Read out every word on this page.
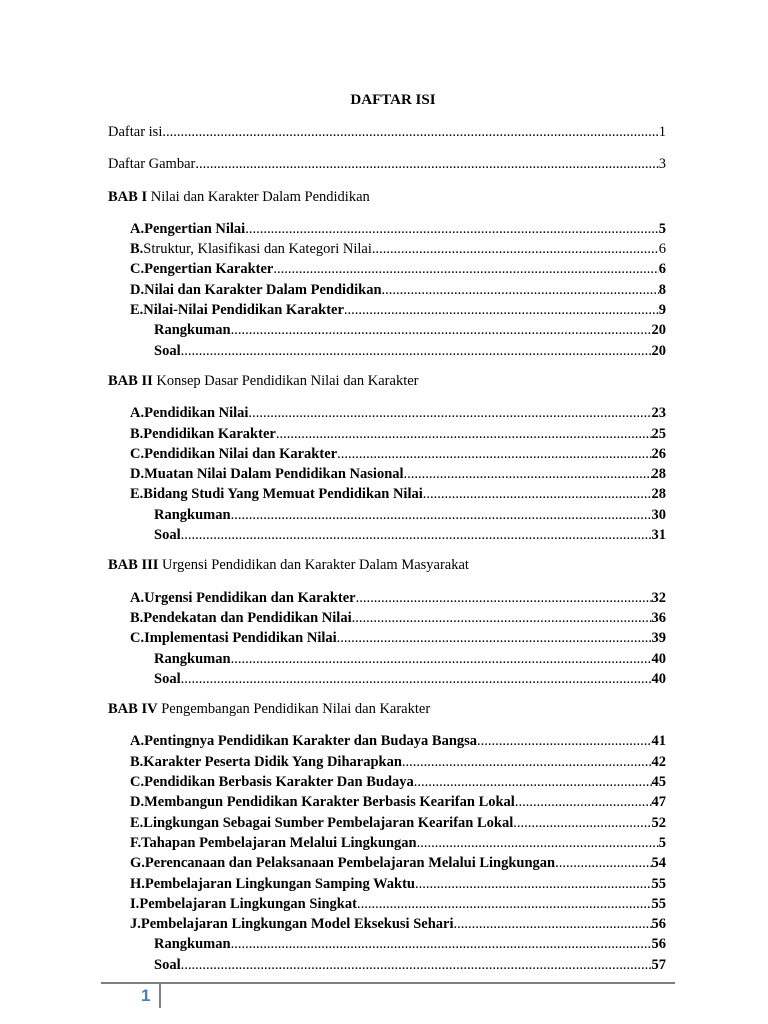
DAFTAR ISI
Daftar isi .....	1
Daftar Gambar .....	3
BAB I Nilai dan Karakter Dalam Pendidikan
A. Pengertian Nilai .....	5
B. Struktur, Klasifikasi dan Kategori Nilai .....	6
C. Pengertian Karakter .....	6
D. Nilai dan Karakter Dalam Pendidikan .....	8
E. Nilai-Nilai Pendidikan Karakter .....	9
Rangkuman .....	20
Soal .....	20
BAB II Konsep Dasar Pendidikan Nilai dan Karakter
A. Pendidikan Nilai .....	23
B. Pendidikan Karakter .....	25
C. Pendidikan Nilai dan Karakter .....	26
D. Muatan Nilai Dalam Pendidikan Nasional .....	28
E. Bidang Studi Yang Memuat Pendidikan Nilai .....	28
Rangkuman .....	30
Soal .....	31
BAB III Urgensi Pendidikan dan Karakter Dalam Masyarakat
A. Urgensi Pendidikan dan Karakter .....	32
B. Pendekatan dan Pendidikan Nilai .....	36
C. Implementasi Pendidikan Nilai .....	39
Rangkuman .....	40
Soal .....	40
BAB IV Pengembangan Pendidikan Nilai dan Karakter
A. Pentingnya Pendidikan Karakter dan Budaya Bangsa .....	41
B. Karakter Peserta Didik Yang Diharapkan .....	42
C. Pendidikan Berbasis Karakter Dan Budaya .....	45
D. Membangun Pendidikan Karakter Berbasis Kearifan Lokal .....	47
E. Lingkungan Sebagai Sumber Pembelajaran Kearifan Lokal .....	52
F. Tahapan Pembelajaran Melalui Lingkungan .....	5
G. Perencanaan dan Pelaksanaan Pembelajaran Melalui Lingkungan .....	54
H. Pembelajaran Lingkungan Samping Waktu .....	55
I. Pembelajaran Lingkungan Singkat .....	55
J. Pembelajaran Lingkungan Model Eksekusi Sehari .....	56
Rangkuman .....	56
Soal .....	57
1
